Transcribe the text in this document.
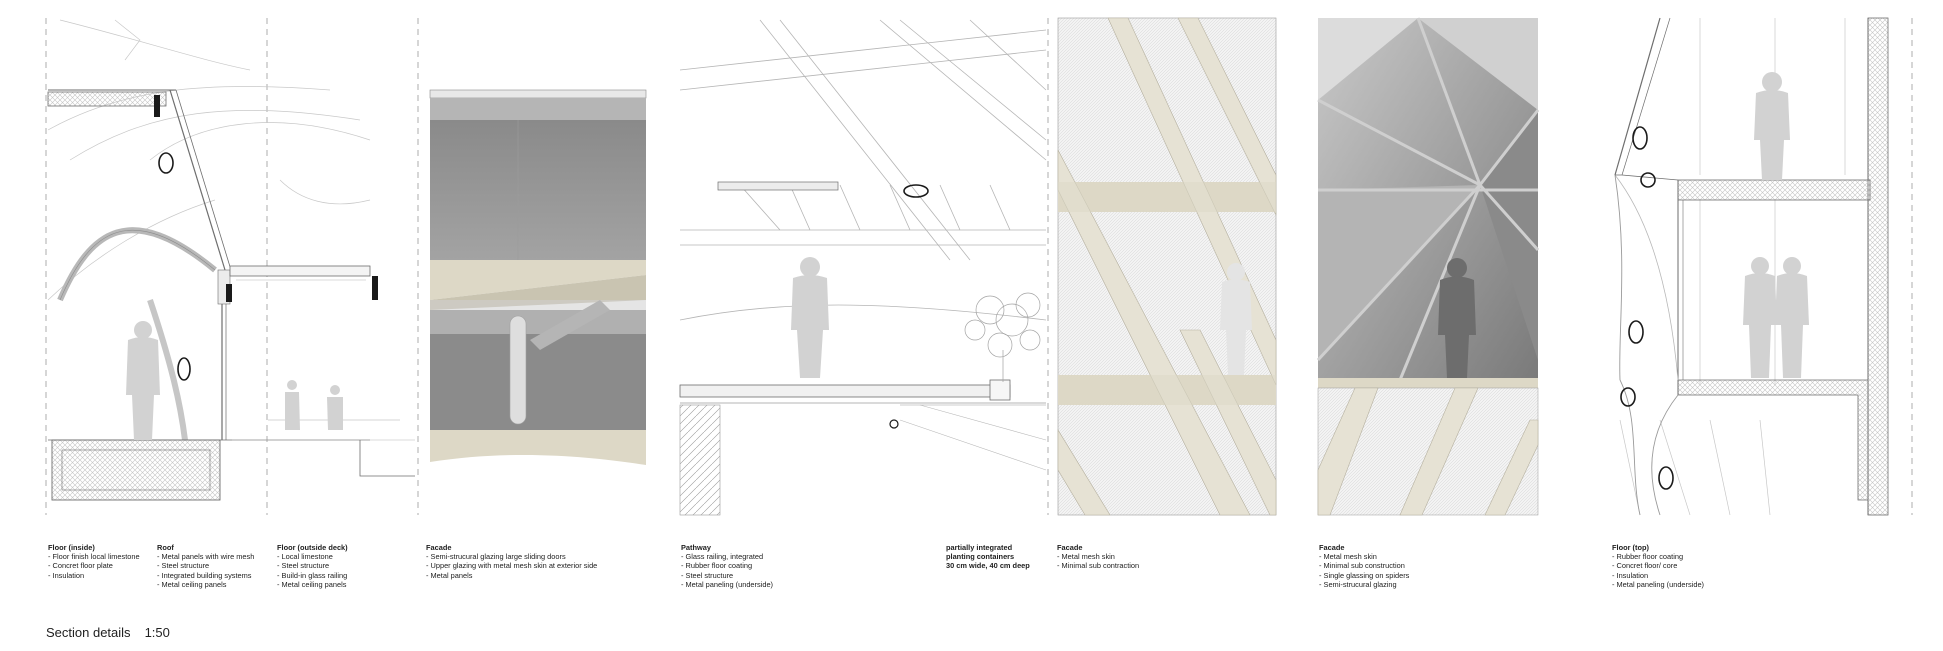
Floor (inside)
- Floor finish local limestone
- Concret floor plate
- Insulation
Roof
- Metal panels with wire mesh
- Steel structure
- Integrated building systems
- Metal ceiling panels
Floor (outside deck)
- Local limestone
- Steel structure
- Build-in glass railing
- Metal ceiling panels
Facade
- Semi-strucural glazing large sliding doors
- Upper glazing with metal mesh skin at exterior side
- Metal panels
Pathway
- Glass railing, integrated
- Rubber floor coating
- Steel structure
- Metal paneling (underside)
partially integrated
planting containers
30 cm wide, 40 cm deep
Facade
- Metal mesh skin
- Minimal sub contraction
Facade
- Metal mesh skin
- Minimal sub construction
- Single glassing on spiders
- Semi-strucural glazing
Floor (top)
- Rubber floor coating
- Concret floor/ core
- Insulation
- Metal paneling (underside)
Section details 1:50
